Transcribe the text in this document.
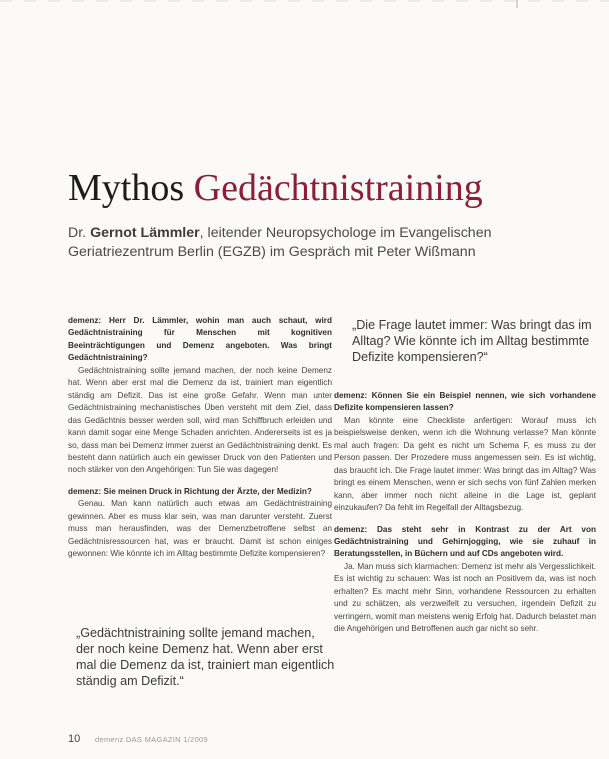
Mythos Gedächtnistraining
Dr. Gernot Lämmler, leitender Neuropsychologe im Evangelischen Geriatriezentrum Berlin (EGZB) im Gespräch mit Peter Wißmann

demenz: Herr Dr. Lämmler, wohin man auch schaut, wird Gedächtnistraining für Menschen mit kognitiven Beeinträchtigungen und Demenz angeboten. Was bringt Gedächtnistraining?

Gedächtnistraining sollte jemand machen, der noch keine Demenz hat. Wenn aber erst mal die Demenz da ist, trainiert man eigentlich ständig am Defizit. Das ist eine große Gefahr. Wenn man unter Gedächtnistraining mechanistisches Üben versteht mit dem Ziel, dass das Gedächtnis besser werden soll, wird man Schiffbruch erleiden und kann damit sogar eine Menge Schaden anrichten. Andererseits ist es ja so, dass man bei Demenz immer zuerst an Gedächtnistraining denkt. Es besteht dann natürlich auch ein gewisser Druck von den Patienten und noch stärker von den Angehörigen: Tun Sie was dagegen!

demenz: Sie meinen Druck in Richtung der Ärzte, der Medizin?

Genau. Man kann natürlich auch etwas am Gedächtnistraining gewinnen. Aber es muss klar sein, was man darunter versteht. Zuerst muss man herausfinden, was der Demenzbetroffene selbst an Gedächtnisressourcen hat, was er braucht. Damit ist schon einiges gewonnen: Wie könnte ich im Alltag bestimmte Defizite kompensieren?

„Die Frage lautet immer: Was bringt das im Alltag? Wie könnte ich im Alltag bestimmte Defizite kompensieren?“

demenz: Können Sie ein Beispiel nennen, wie sich vorhandene Defizite kompensieren lassen?

Man könnte eine Checkliste anfertigen: Worauf muss ich beispielsweise denken, wenn ich die Wohnung verlasse? Man könnte mal auch fragen: Da geht es nicht um Schema F, es muss zu der Person passen. Der Prozedere muss angemessen sein. Es ist wichtig, das braucht ich. Die Frage lautet immer: Was bringt das im Alltag? Was bringt es einem Menschen, wenn er sich sechs von fünf Zahlen merken kann, aber immer noch nicht alleine in die Lage ist, geplant einzukaufen? Da fehlt im Regelfall der Alltagsbezug.

demenz: Das steht sehr in Kontrast zu der Art von Gedächtnistraining und Gehirnjogging, wie sie zuhauf in Beratungsstellen, in Büchern und auf CDs angeboten wird.

Ja. Man muss sich klarmachen: Demenz ist mehr als Vergesslichkeit. Es ist wichtig zu schauen: Was ist noch an Positivem da, was ist noch erhalten? Es macht mehr Sinn, vorhandene Ressourcen zu erhalten und zu schätzen, als verzweifelt zu versuchen, irgendein Defizit zu verringern, womit man meistens wenig Erfolg hat. Dadurch belastet man die Angehörigen und Betroffenen auch gar nicht so sehr.

„Gedächtnistraining sollte jemand machen, der noch keine Demenz hat. Wenn aber erst mal die Demenz da ist, trainiert man eigentlich ständig am Defizit.“
10 demenz DAS MAGAZIN 1/2009
